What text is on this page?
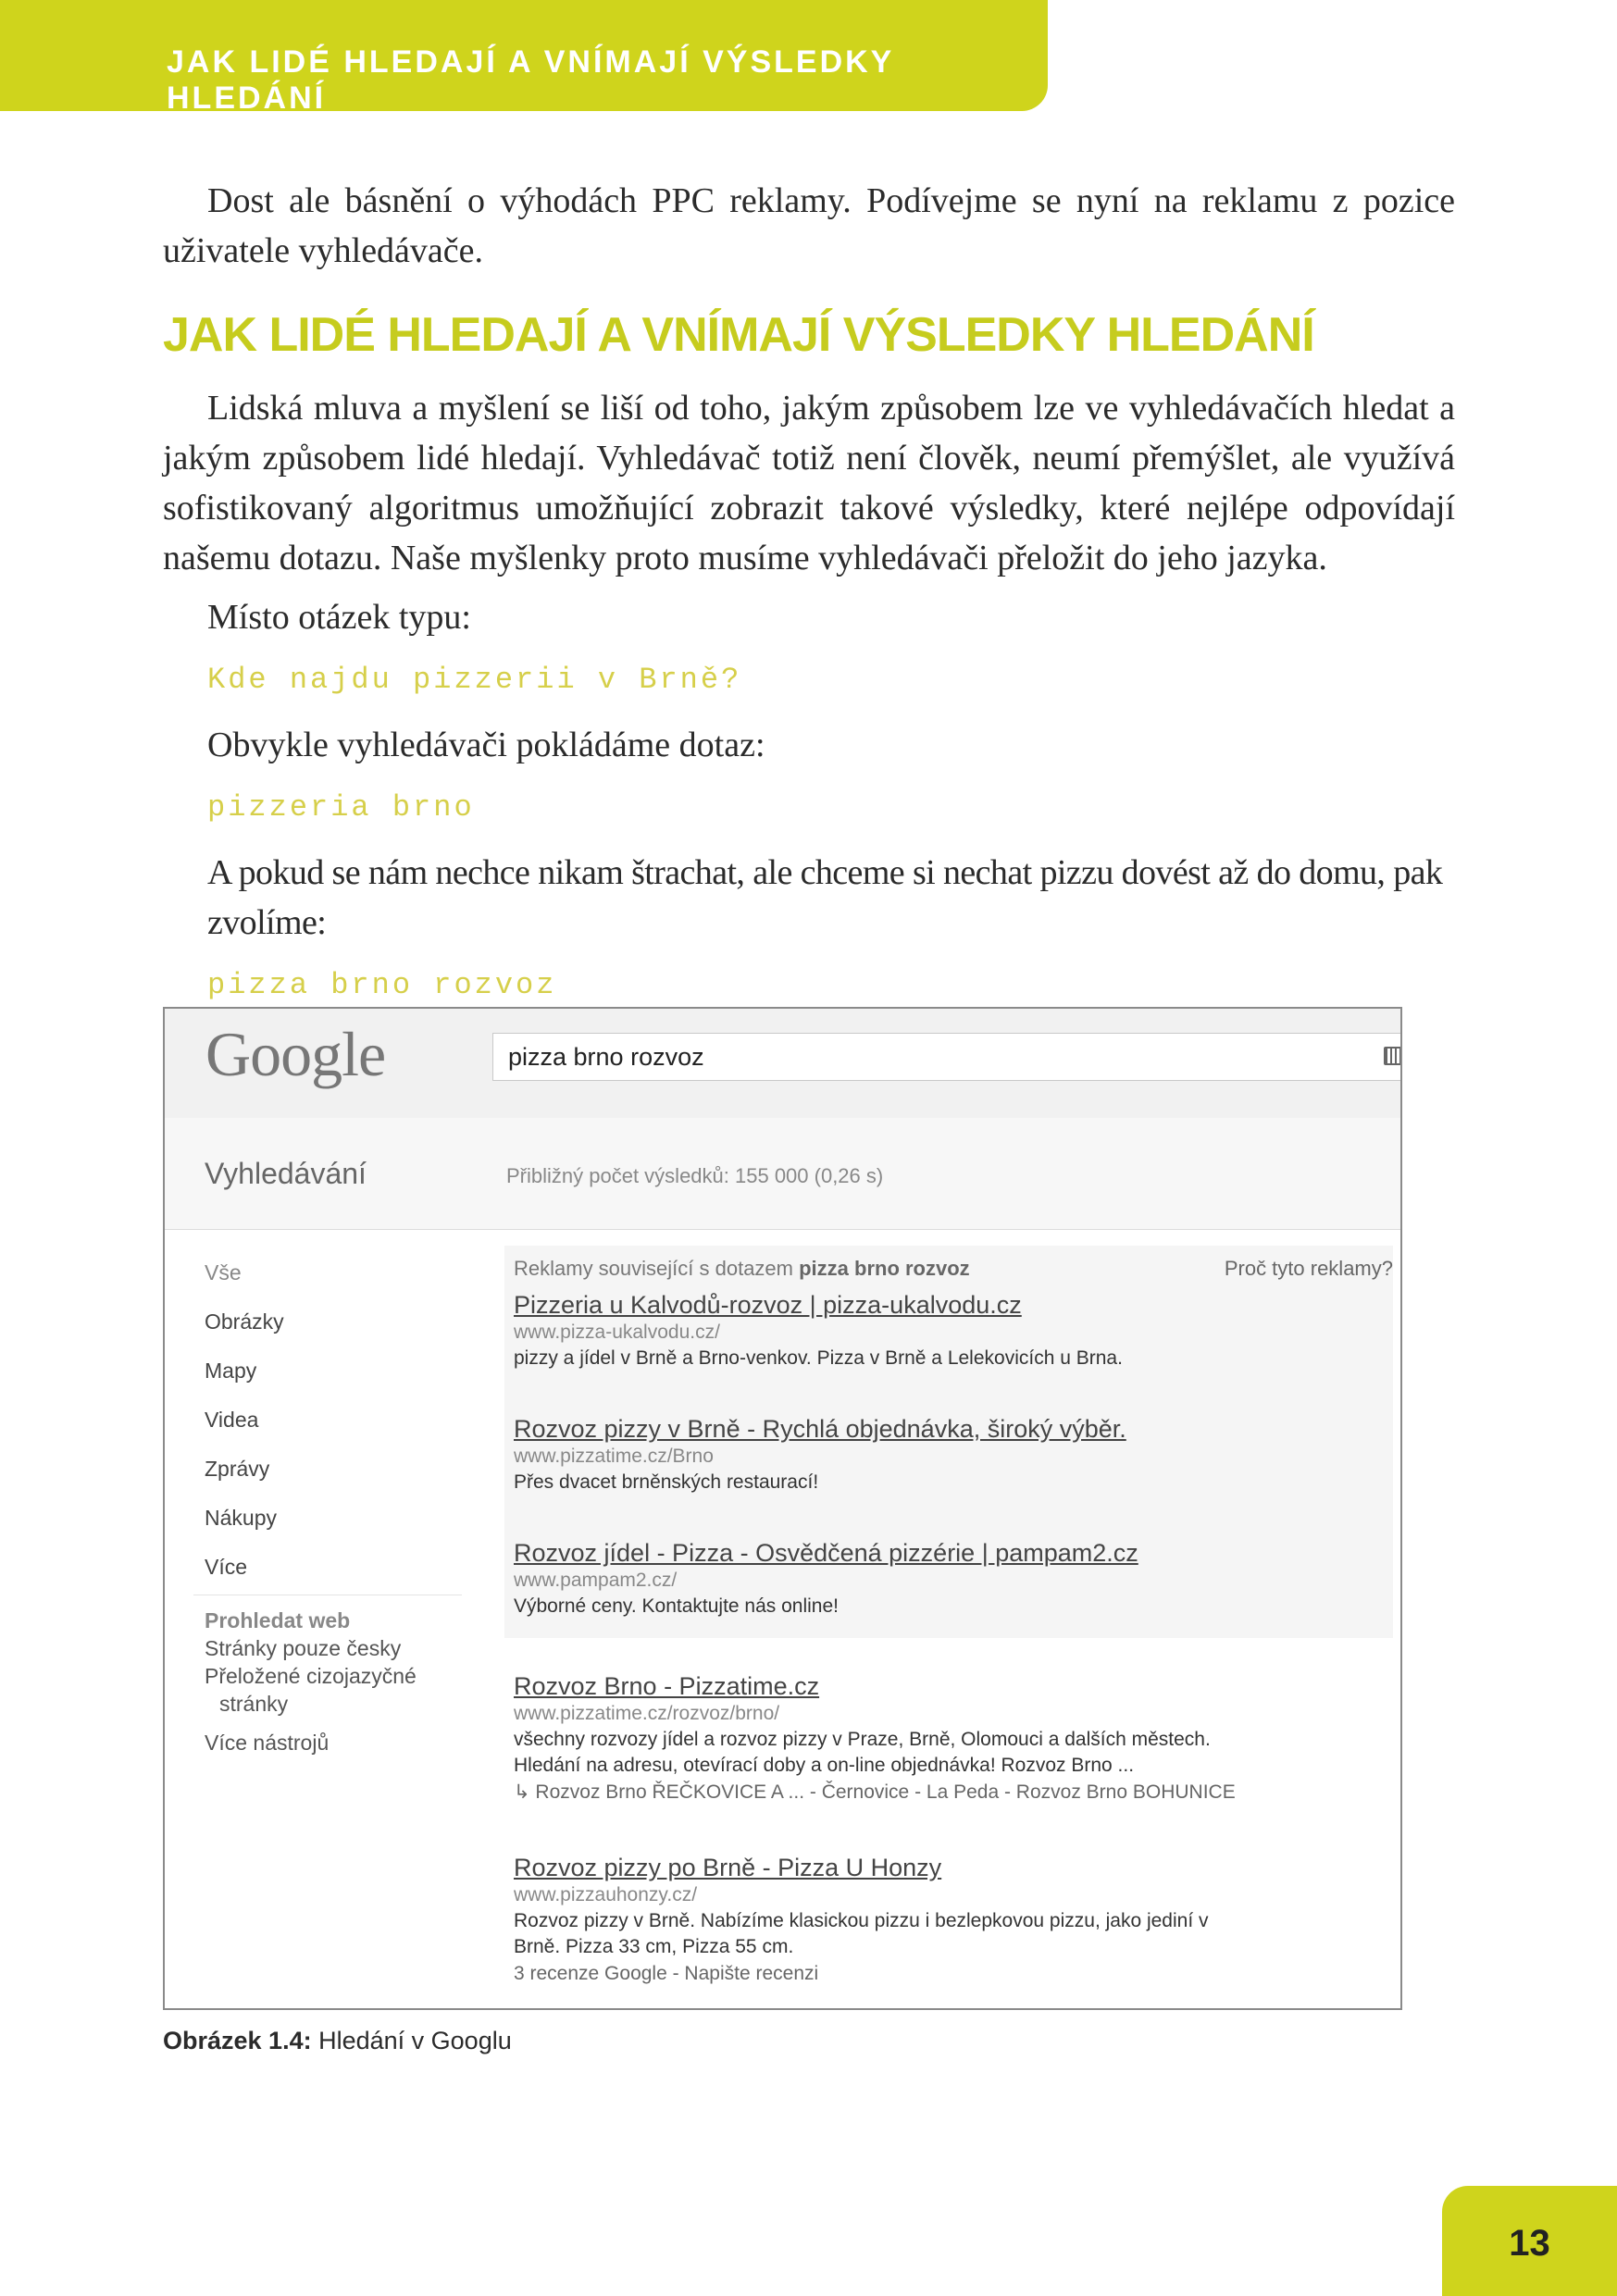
JAK LIDÉ HLEDAJÍ A VNÍMAJÍ VÝSLEDKY HLEDÁNÍ

Dost ale básnění o výhodách PPC reklamy. Podívejme se nyní na reklamu z pozice uživatele vyhledávače.

JAK LIDÉ HLEDAJÍ A VNÍMAJÍ VÝSLEDKY HLEDÁNÍ

Lidská mluva a myšlení se liší od toho, jakým způsobem lze ve vyhledávačích hledat a jakým způsobem lidé hledají. Vyhledávač totiž není člověk, neumí přemýšlet, ale využívá sofistikovaný algoritmus umožňující zobrazit takové výsledky, které nejlépe odpovídají našemu dotazu. Naše myšlenky proto musíme vyhledávači přeložit do jeho jazyka.

Místo otázek typu:

Kde najdu pizzerii v Brně?

Obvykle vyhledávači pokládáme dotaz:

pizzeria brno

A pokud se nám nechce nikam štrachat, ale chceme si nechat pizzu dovést až do domu, pak zvolíme:

pizza brno rozvoz

Google	pizza brno rozvoz
Vyhledávání	Přibližný počet výsledků: 155 000 (0,26 s)
Vše
Obrázky
Mapy
Videa
Zprávy
Nákupy
Více
Prohledat web
Stránky pouze česky
Přeložené cizojazyčné
stránky
Více nástrojů
Reklamy související s dotazem pizza brno rozvoz	Proč tyto reklamy?
Pizzeria u Kalvodů-rozvoz | pizza-ukalvodu.cz
www.pizza-ukalvodu.cz/
pizzy a jídel v Brně a Brno-venkov. Pizza v Brně a Lelekovicích u Brna.
Rozvoz pizzy v Brně - Rychlá objednávka, široký výběr.
www.pizzatime.cz/Brno
Přes dvacet brněnských restaurací!
Rozvoz jídel - Pizza - Osvědčená pizzérie | pampam2.cz
www.pampam2.cz/
Výborné ceny. Kontaktujte nás online!
Rozvoz Brno - Pizzatime.cz
www.pizzatime.cz/rozvoz/brno/
všechny rozvozy jídel a rozvoz pizzy v Praze, Brně, Olomouci a dalších městech.
Hledání na adresu, otevírací doby a on-line objednávka! Rozvoz Brno ...
↳ Rozvoz Brno ŘEČKOVICE A ... - Černovice - La Peda - Rozvoz Brno BOHUNICE
Rozvoz pizzy po Brně - Pizza U Honzy
www.pizzauhonzy.cz/
Rozvoz pizzy v Brně. Nabízíme klasickou pizzu i bezlepkovou pizzu, jako jediní v
Brně. Pizza 33 cm, Pizza 55 cm.
3 recenze Google - Napište recenzi
Obrázek 1.4: Hledání v Googlu
13
